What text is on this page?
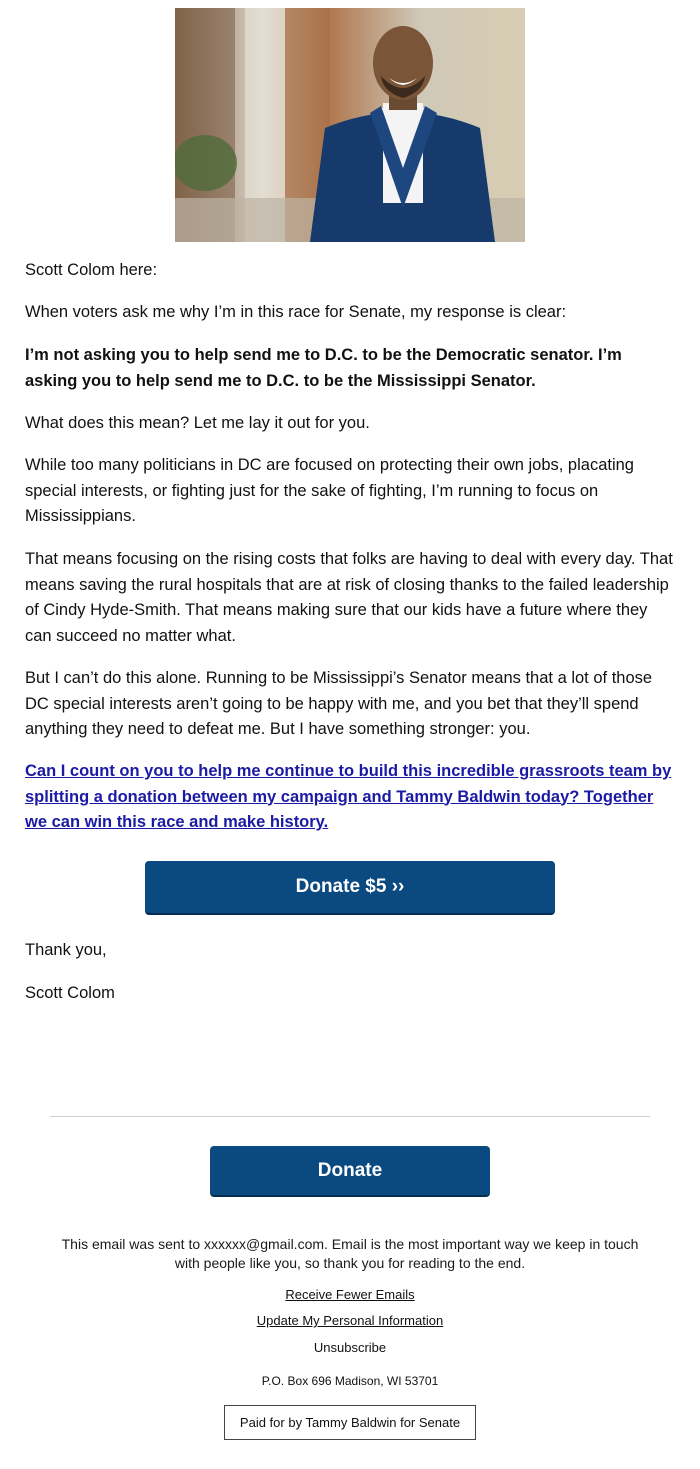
Scott Colom here:

When voters ask me why I’m in this race for Senate, my response is clear:

I’m not asking you to help send me to D.C. to be the Democratic senator. I’m asking you to help send me to D.C. to be the Mississippi Senator.

What does this mean? Let me lay it out for you.

While too many politicians in DC are focused on protecting their own jobs, placating special interests, or fighting just for the sake of fighting, I’m running to focus on Mississippians.

That means focusing on the rising costs that folks are having to deal with every day. That means saving the rural hospitals that are at risk of closing thanks to the failed leadership of Cindy Hyde-Smith. That means making sure that our kids have a future where they can succeed no matter what.

But I can’t do this alone. Running to be Mississippi’s Senator means that a lot of those DC special interests aren’t going to be happy with me, and you bet that they’ll spend anything they need to defeat me. But I have something stronger: you.

Can I count on you to help me continue to build this incredible grassroots team by splitting a donation between my campaign and Tammy Baldwin today? Together we can win this race and make history.

Donate $5 ››

Thank you,

Scott Colom

Donate
This email was sent to xxxxxx@gmail.com. Email is the most important way we keep in touch with people like you, so thank you for reading to the end.
Receive Fewer Emails
Update My Personal Information
Unsubscribe
P.O. Box 696 Madison, WI 53701
Paid for by Tammy Baldwin for Senate
